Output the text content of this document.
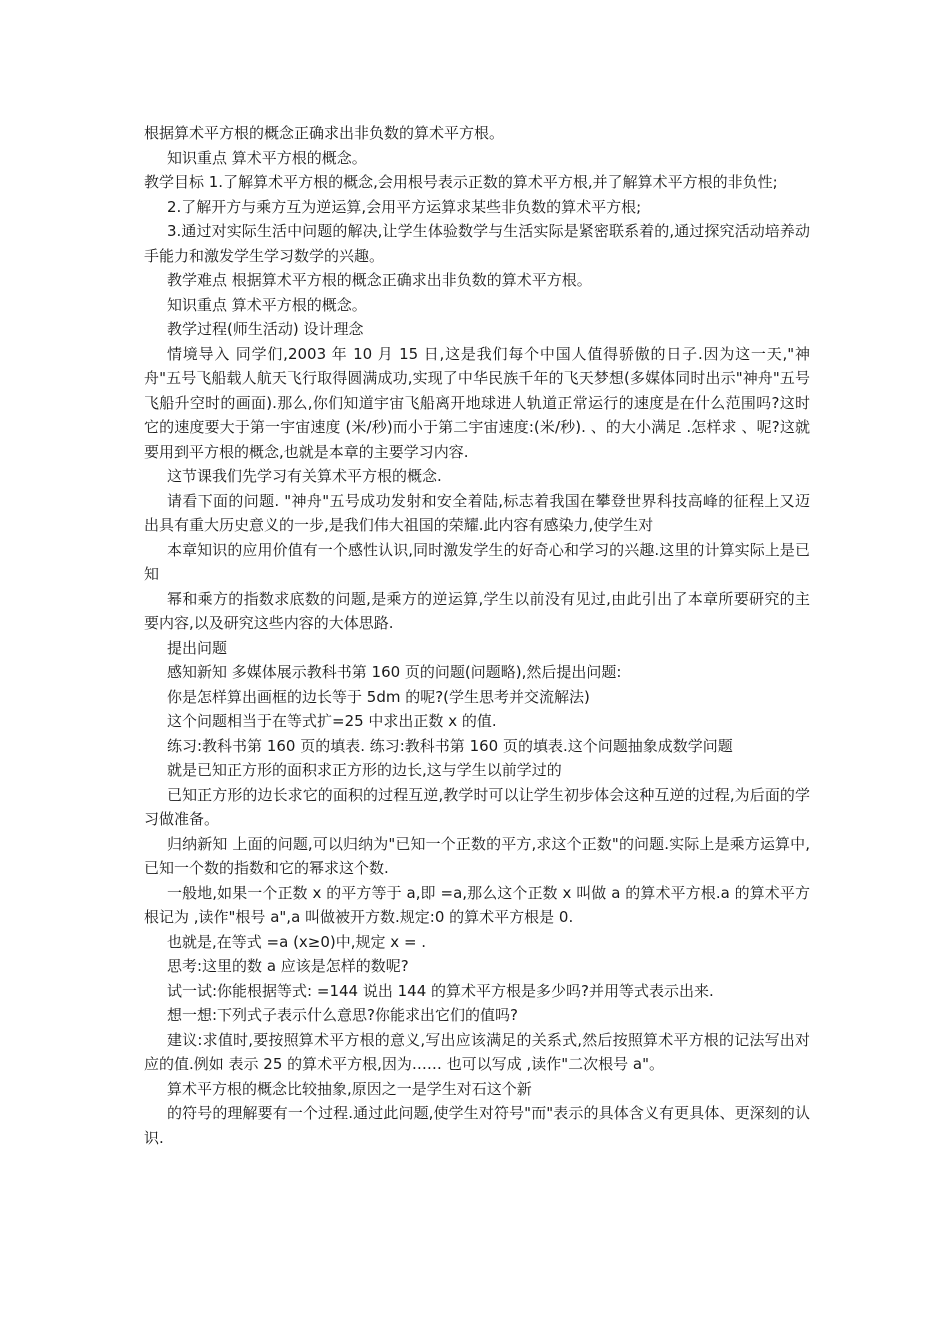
根据算术平方根的概念正确求出非负数的算术平方根。

知识重点 算术平方根的概念。

教学目标 1.了解算术平方根的概念,会用根号表示正数的算术平方根,并了解算术平方根的非负性;

2.了解开方与乘方互为逆运算,会用平方运算求某些非负数的算术平方根;

3.通过对实际生活中问题的解决,让学生体验数学与生活实际是紧密联系着的,通过探究活动培养动手能力和激发学生学习数学的兴趣。

教学难点 根据算术平方根的概念正确求出非负数的算术平方根。

知识重点 算术平方根的概念。

教学过程(师生活动) 设计理念

情境导入 同学们,2003 年 10 月 15 日,这是我们每个中国人值得骄傲的日子.因为这一天,"神舟"五号飞船载人航天飞行取得圆满成功,实现了中华民族千年的飞天梦想(多媒体同时出示"神舟"五号飞船升空时的画面).那么,你们知道宇宙飞船离开地球进人轨道正常运行的速度是在什么范围吗?这时它的速度要大于第一宇宙速度 (米/秒)而小于第二宇宙速度:(米/秒). 、的大小满足 .怎样求 、呢?这就要用到平方根的概念,也就是本章的主要学习内容.

这节课我们先学习有关算术平方根的概念.

请看下面的问题. "神舟"五号成功发射和安全着陆,标志着我国在攀登世界科技高峰的征程上又迈出具有重大历史意义的一步,是我们伟大祖国的荣耀.此内容有感染力,使学生对

本章知识的应用价值有一个感性认识,同时激发学生的好奇心和学习的兴趣.这里的计算实际上是已知

幂和乘方的指数求底数的问题,是乘方的逆运算,学生以前没有见过,由此引出了本章所要研究的主要内容,以及研究这些内容的大体思路.

提出问题

感知新知 多媒体展示教科书第 160 页的问题(问题略),然后提出问题:

你是怎样算出画框的边长等于 5dm 的呢?(学生思考并交流解法)

这个问题相当于在等式扩=25 中求出正数 x 的值.

练习:教科书第 160 页的填表. 练习:教科书第 160 页的填表.这个问题抽象成数学问题

就是已知正方形的面积求正方形的边长,这与学生以前学过的

已知正方形的边长求它的面积的过程互逆,教学时可以让学生初步体会这种互逆的过程,为后面的学习做准备。

归纳新知 上面的问题,可以归纳为"已知一个正数的平方,求这个正数"的问题.实际上是乘方运算中,已知一个数的指数和它的幂求这个数.

一般地,如果一个正数 x 的平方等于 a,即 =a,那么这个正数 x 叫做 a 的算术平方根.a 的算术平方根记为 ,读作"根号 a",a 叫做被开方数.规定:0 的算术平方根是 0.

也就是,在等式 =a (x≥0)中,规定 x = .

思考:这里的数 a 应该是怎样的数呢?

试一试:你能根据等式: =144 说出 144 的算术平方根是多少吗?并用等式表示出来.

想一想:下列式子表示什么意思?你能求出它们的值吗?

建议:求值时,要按照算术平方根的意义,写出应该满足的关系式,然后按照算术平方根的记法写出对应的值.例如 表示 25 的算术平方根,因为…… 也可以写成 ,读作"二次根号 a"。

算术平方根的概念比较抽象,原因之一是学生对石这个新

的符号的理解要有一个过程.通过此问题,使学生对符号"而"表示的具体含义有更具体、更深刻的认识.
